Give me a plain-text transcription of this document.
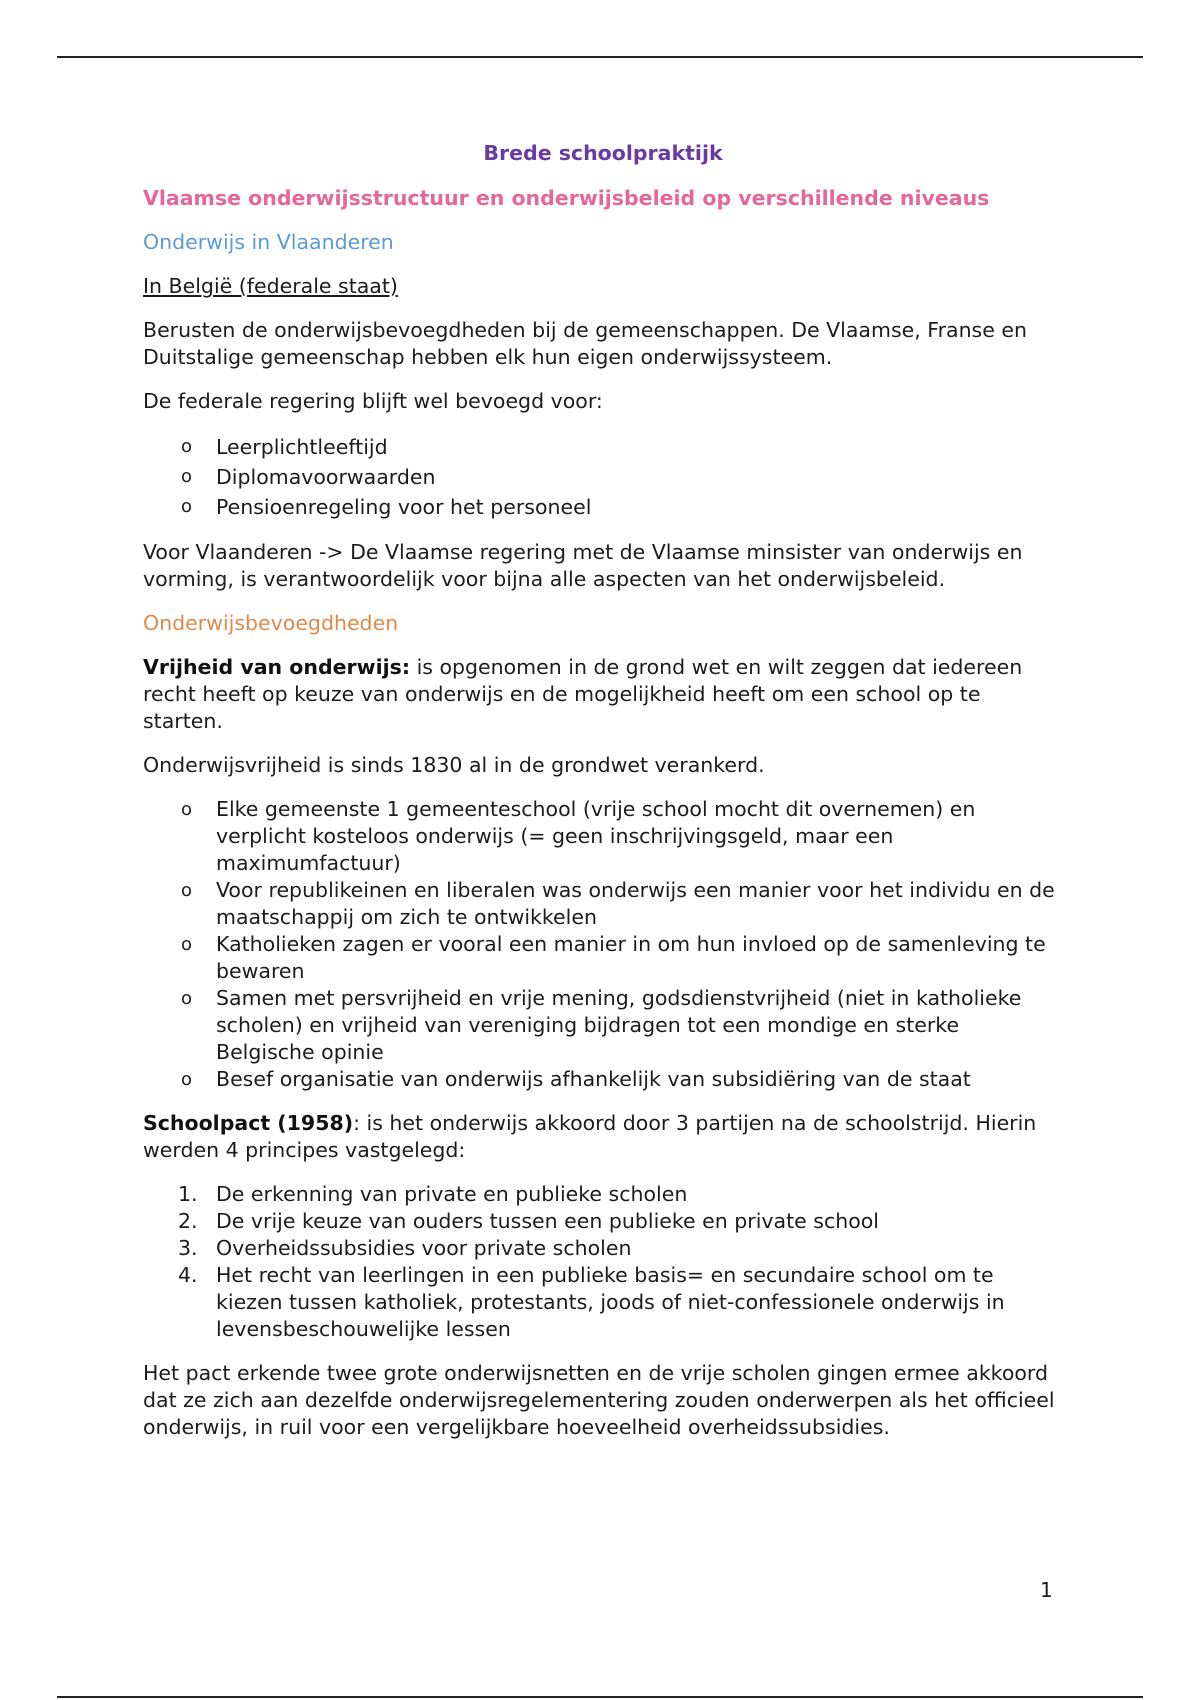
Brede schoolpraktijk

Vlaamse onderwijsstructuur en onderwijsbeleid op verschillende niveaus

Onderwijs in Vlaanderen

In België (federale staat)

Berusten de onderwijsbevoegdheden bij de gemeenschappen. De Vlaamse, Franse en Duitstalige gemeenschap hebben elk hun eigen onderwijssysteem.

De federale regering blijft wel bevoegd voor:

o Leerplichtleeftijd
o Diplomavoorwaarden
o Pensioenregeling voor het personeel

Voor Vlaanderen -> De Vlaamse regering met de Vlaamse minsister van onderwijs en vorming, is verantwoordelijk voor bijna alle aspecten van het onderwijsbeleid.

Onderwijsbevoegdheden

Vrijheid van onderwijs: is opgenomen in de grond wet en wilt zeggen dat iedereen recht heeft op keuze van onderwijs en de mogelijkheid heeft om een school op te starten.

Onderwijsvrijheid is sinds 1830 al in de grondwet verankerd.

o Elke gemeenste 1 gemeenteschool (vrije school mocht dit overnemen) en verplicht kosteloos onderwijs (= geen inschrijvingsgeld, maar een maximumfactuur)
o Voor republikeinen en liberalen was onderwijs een manier voor het individu en de maatschappij om zich te ontwikkelen
o Katholieken zagen er vooral een manier in om hun invloed op de samenleving te bewaren
o Samen met persvrijheid en vrije mening, godsdienstvrijheid (niet in katholieke scholen) en vrijheid van vereniging bijdragen tot een mondige en sterke Belgische opinie
o Besef organisatie van onderwijs afhankelijk van subsidiëring van de staat

Schoolpact (1958): is het onderwijs akkoord door 3 partijen na de schoolstrijd. Hierin werden 4 principes vastgelegd:

1. De erkenning van private en publieke scholen
2. De vrije keuze van ouders tussen een publieke en private school
3. Overheidssubsidies voor private scholen
4. Het recht van leerlingen in een publieke basis= en secundaire school om te kiezen tussen katholiek, protestants, joods of niet-confessionele onderwijs in levensbeschouwelijke lessen

Het pact erkende twee grote onderwijsnetten en de vrije scholen gingen ermee akkoord dat ze zich aan dezelfde onderwijsregelementering zouden onderwerpen als het officieel onderwijs, in ruil voor een vergelijkbare hoeveelheid overheidssubsidies.

1
